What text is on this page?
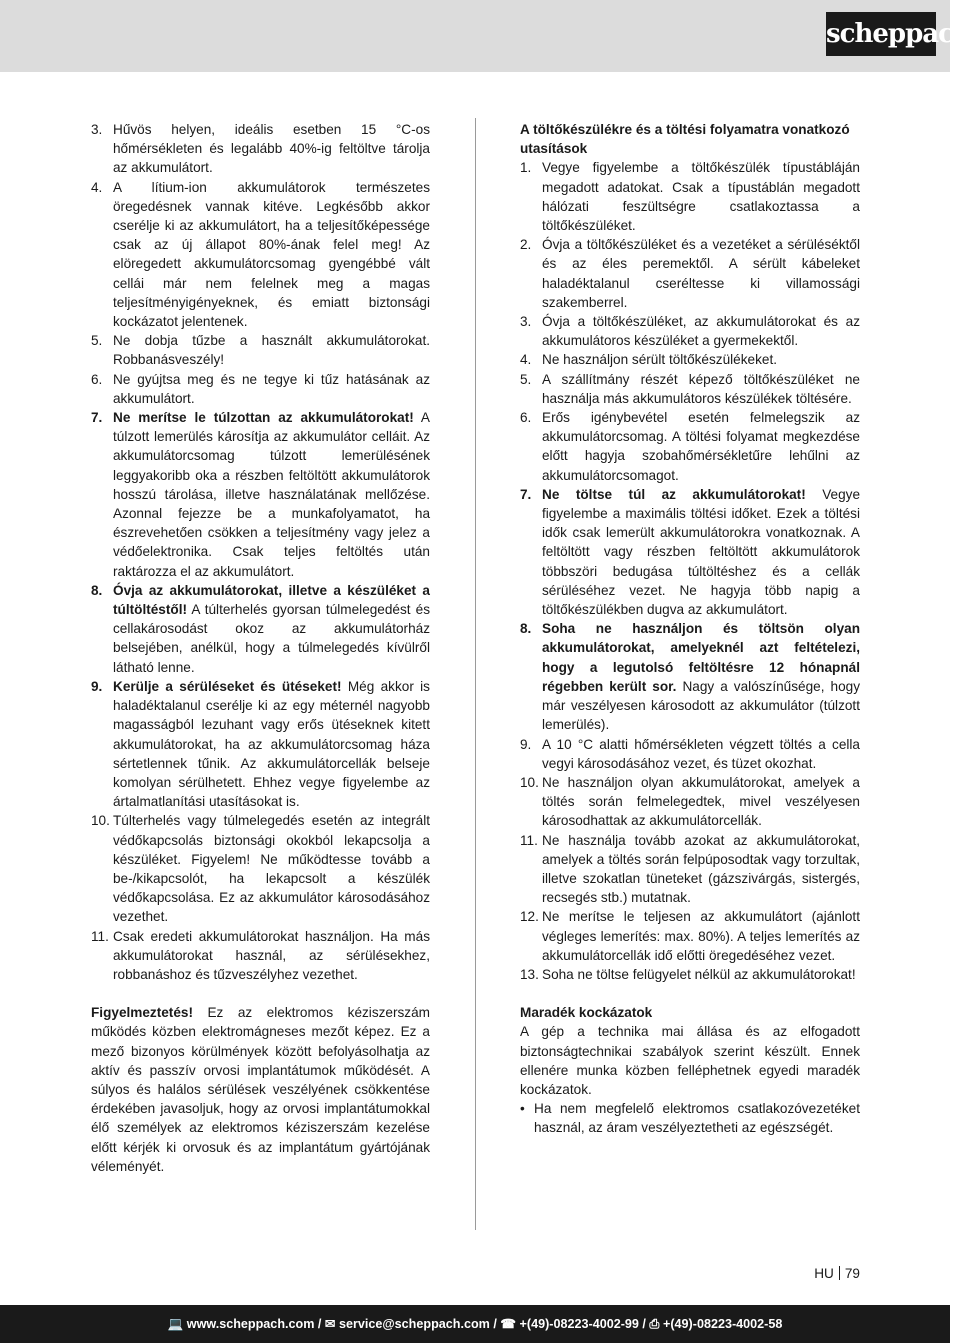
scheppach
3. Hűvös helyen, ideális esetben 15 °C-os hőmérsékleten és legalább 40%-ig feltöltve tárolja az akkumulátort.
4. A lítium-ion akkumulátorok természetes öregedésnek vannak kitéve. Legkésőbb akkor cserélje ki az akkumulátort, ha a teljesítőképessége csak az új állapot 80%-ának felel meg! Az elöregedett akkumulátorcsomag gyengébbé vált cellái már nem felelnek meg a magas teljesítményigényeknek, és emiatt biztonsági kockázatot jelentenek.
5. Ne dobja tűzbe a használt akkumulátorokat. Robbanásveszély!
6. Ne gyújtsa meg és ne tegye ki tűz hatásának az akkumulátort.
7. Ne merítse le túlzottan az akkumulátorokat! A túlzott lemerülés károsítja az akkumulátor celláit. Az akkumulátorcsomag túlzott lemerülésének leggyakoribb oka a részben feltöltött akkumulátorok hosszú tárolása, illetve használatának mellőzése. Azonnal fejezze be a munkafolyamatot, ha észrevehetően csökken a teljesítmény vagy jelez a védőelektronika. Csak teljes feltöltés után raktározza el az akkumulátort.
8. Óvja az akkumulátorokat, illetve a készüléket a túltöltéstől! A túlterhelés gyorsan túlmelegedést és cellakárosodást okoz az akkumulátorház belsejében, anélkül, hogy a túlmelegedés kívülről látható lenne.
9. Kerülje a sérüléseket és ütéseket! Még akkor is haladéktalanul cserélje ki az egy méternél nagyobb magasságból lezuhant vagy erős ütéseknek kitett akkumulátorokat, ha az akkumulátorcsomag háza sértetlennek tűnik. Az akkumulátorcellák belseje komolyan sérülhetett. Ehhez vegye figyelembe az ártalmatlanítási utasításokat is.
10. Túlterhelés vagy túlmelegedés esetén az integrált védőkapcsolás biztonsági okokból lekapcsolja a készüléket. Figyelem! Ne működtesse tovább a be-/kikapcsolót, ha lekapcsolt a készülék védőkapcsolása. Ez az akkumulátor károsodásához vezethet.
11. Csak eredeti akkumulátorokat használjon. Ha más akkumulátorokat használ, az sérülésekhez, robbanáshoz és tűzveszélyhez vezethet.

Figyelmeztetés! Ez az elektromos kéziszerszám működés közben elektromágneses mezőt képez. Ez a mező bizonyos körülmények között befolyásolhatja az aktív és passzív orvosi implantátumok működését. A súlyos és halálos sérülések veszélyének csökkentése érdekében javasoljuk, hogy az orvosi implantátumokkal élő személyek az elektromos kéziszerszám kezelése előtt kérjék ki orvosuk és az implantátum gyártójának véleményét.

A töltőkészülékre és a töltési folyamatra vonatkozó utasítások

1. Vegye figyelembe a töltőkészülék típustábláján megadott adatokat. Csak a típustáblán megadott hálózati feszültségre csatlakoztassa a töltőkészüléket.
2. Óvja a töltőkészüléket és a vezetéket a sérüléséktől és az éles peremektől. A sérült kábeleket haladéktalanul cseréltesse ki villamossági szakemberrel.
3. Óvja a töltőkészüléket, az akkumulátorokat és az akkumulátoros készüléket a gyermekektől.
4. Ne használjon sérült töltőkészülékeket.
5. A szállítmány részét képező töltőkészüléket ne használja más akkumulátoros készülékek töltésére.
6. Erős igénybevétel esetén felmelegszik az akkumulátorcsomag. A töltési folyamat megkezdése előtt hagyja szobahőmérsékletűre lehűlni az akkumulátorcsomagot.
7. Ne töltse túl az akkumulátorokat! Vegye figyelembe a maximális töltési időket. Ezek a töltési idők csak lemerült akkumulátorokra vonatkoznak. A feltöltött vagy részben feltöltött akkumulátorok többszöri bedugása túltöltéshez és a cellák sérüléséhez vezet. Ne hagyja több napig a töltőkészülékben dugva az akkumulátort.
8. Soha ne használjon és töltsön olyan akkumulátorokat, amelyeknél azt feltételezi, hogy a legutolsó feltöltésre 12 hónapnál régebben került sor. Nagy a valószínűsége, hogy már veszélyesen károsodott az akkumulátor (túlzott lemerülés).
9. A 10 °C alatti hőmérsékleten végzett töltés a cella vegyi károsodásához vezet, és tüzet okozhat.
10. Ne használjon olyan akkumulátorokat, amelyek a töltés során felmelegedtek, mivel veszélyesen károsodhattak az akkumulátorcellák.
11. Ne használja tovább azokat az akkumulátorokat, amelyek a töltés során felpúposodtak vagy torzultak, illetve szokatlan tüneteket (gázszivárgás, sistergés, recsegés stb.) mutatnak.
12. Ne merítse le teljesen az akkumulátort (ajánlott végleges lemerítés: max. 80%). A teljes lemerítés az akkumulátorcellák idő előtti öregedéséhez vezet.
13. Soha ne töltse felügyelet nélkül az akkumulátorokat!

Maradék kockázatok

A gép a technika mai állása és az elfogadott biztonságtechnikai szabályok szerint készült. Ennek ellenére munka közben felléphetnek egyedi maradék kockázatok.

• Ha nem megfelelő elektromos csatlakozóvezetéket használ, az áram veszélyeztetheti az egészségét.
HU 79
💻 www.scheppach.com / ✉ service@scheppach.com / ☎ +(49)-08223-4002-99 / ⎙ +(49)-08223-4002-58
